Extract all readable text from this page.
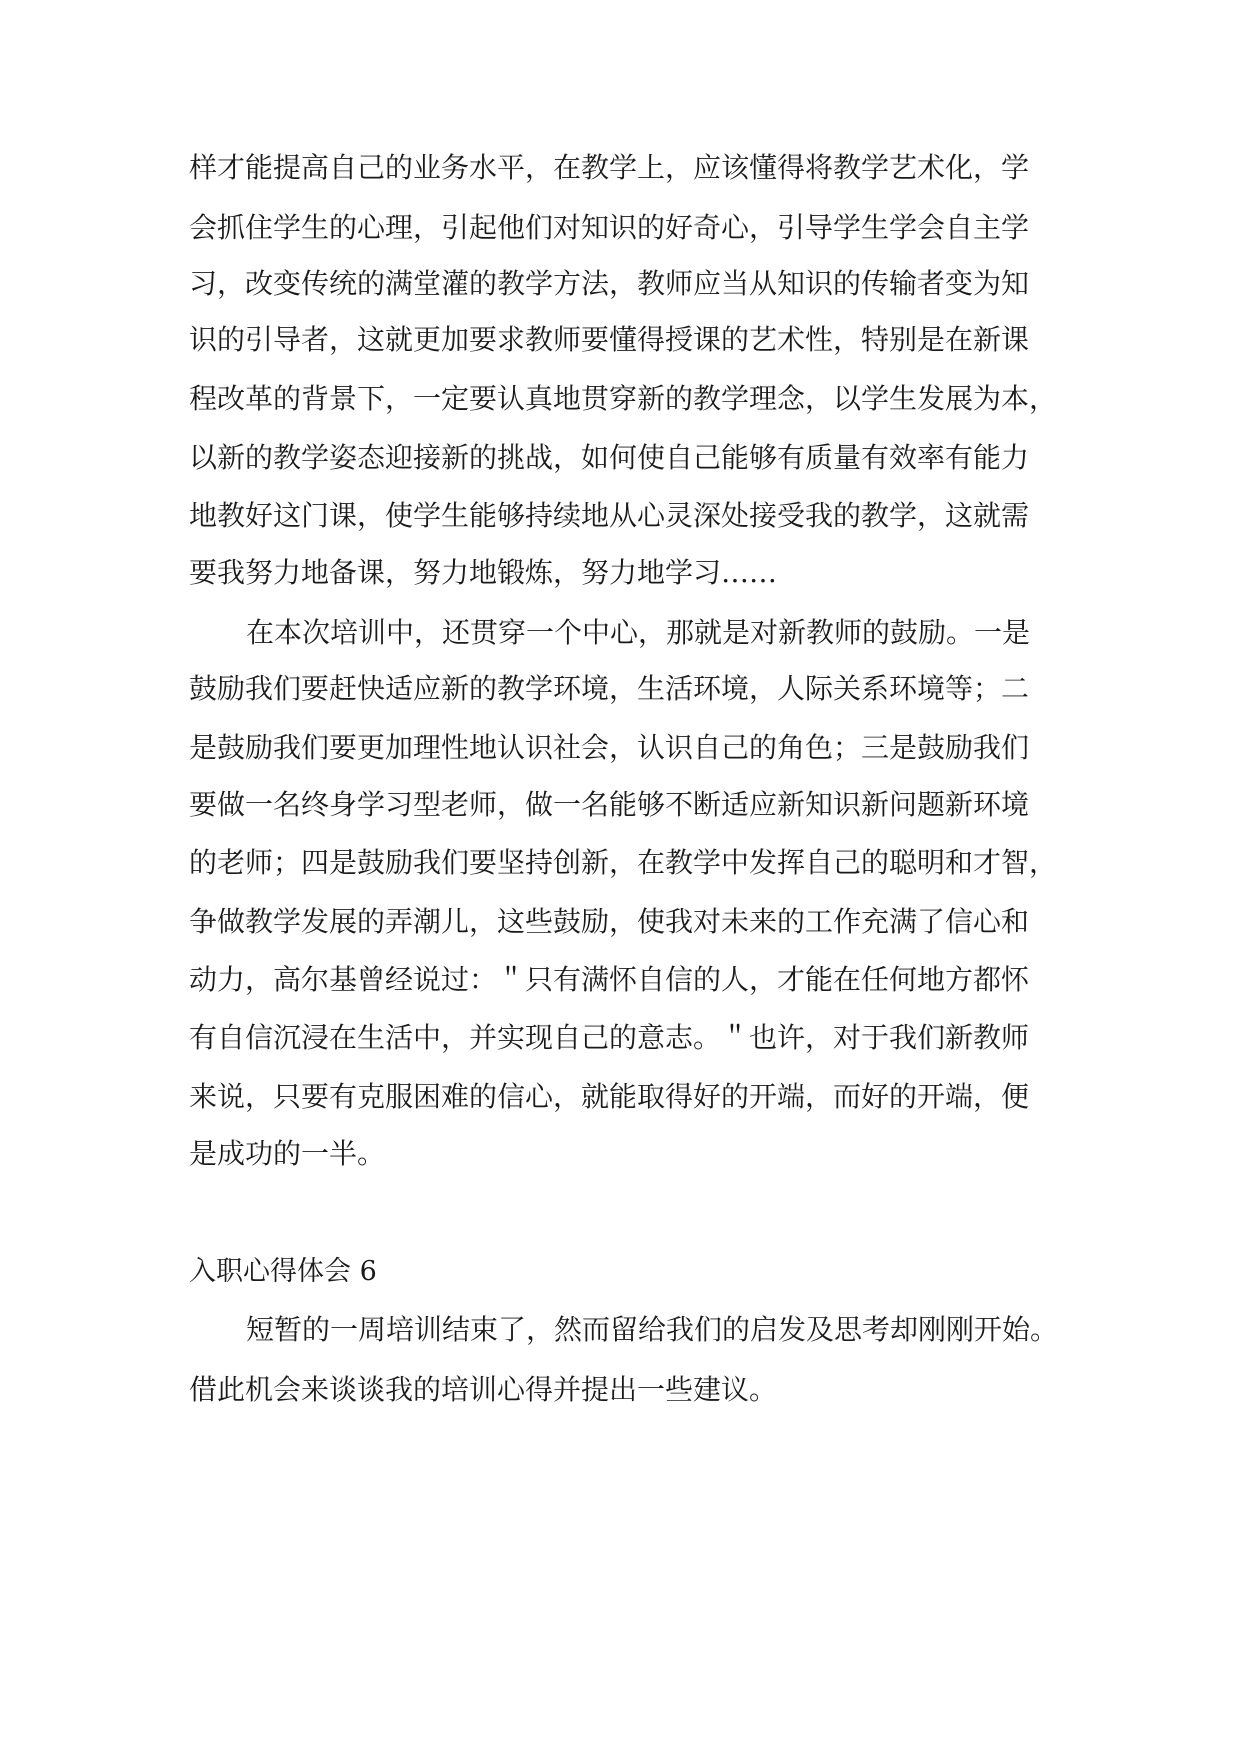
样才能提高自己的业务水平，在教学上，应该懂得将教学艺术化，学
会抓住学生的心理，引起他们对知识的好奇心，引导学生学会自主学
习，改变传统的满堂灌的教学方法，教师应当从知识的传输者变为知
识的引导者，这就更加要求教师要懂得授课的艺术性，特别是在新课
程改革的背景下，一定要认真地贯穿新的教学理念，以学生发展为本，
以新的教学姿态迎接新的挑战，如何使自己能够有质量有效率有能力
地教好这门课，使学生能够持续地从心灵深处接受我的教学，这就需
要我努力地备课，努力地锻炼，努力地学习……
在本次培训中，还贯穿一个中心，那就是对新教师的鼓励。一是
鼓励我们要赶快适应新的教学环境，生活环境，人际关系环境等；二
是鼓励我们要更加理性地认识社会，认识自己的角色；三是鼓励我们
要做一名终身学习型老师，做一名能够不断适应新知识新问题新环境
的老师；四是鼓励我们要坚持创新，在教学中发挥自己的聪明和才智，
争做教学发展的弄潮儿，这些鼓励，使我对未来的工作充满了信心和
动力，高尔基曾经说过：＂只有满怀自信的人，才能在任何地方都怀
有自信沉浸在生活中，并实现自己的意志。＂也许，对于我们新教师
来说，只要有克服困难的信心，就能取得好的开端，而好的开端，便
是成功的一半。
入职心得体会 6
短暂的一周培训结束了，然而留给我们的启发及思考却刚刚开始。
借此机会来谈谈我的培训心得并提出一些建议。
